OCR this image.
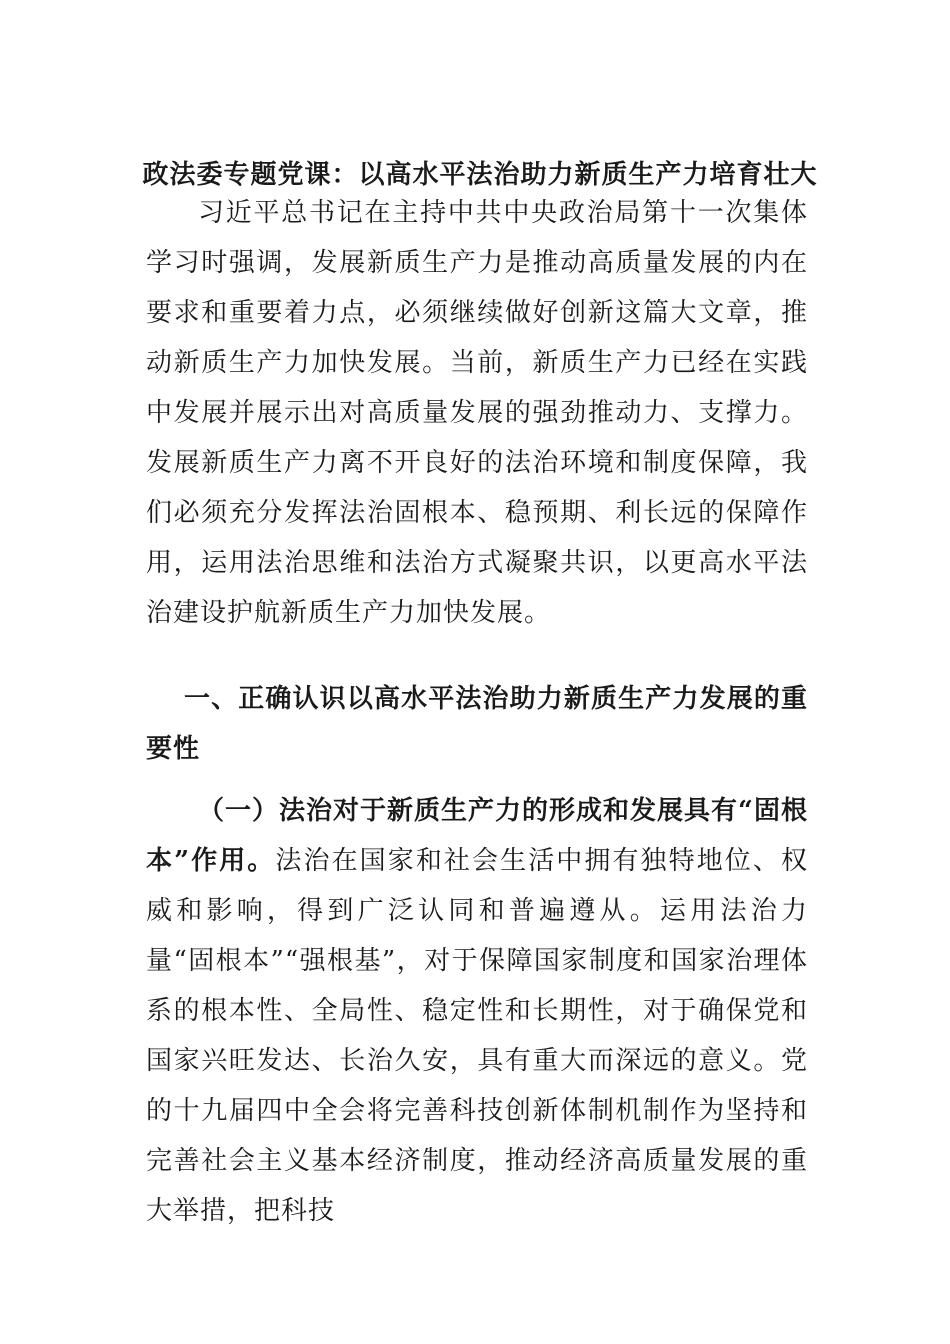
政法委专题党课：以高水平法治助力新质生产力培育壮大

习近平总书记在主持中共中央政治局第十一次集体学习时强调，发展新质生产力是推动高质量发展的内在要求和重要着力点，必须继续做好创新这篇大文章，推动新质生产力加快发展。当前，新质生产力已经在实践中发展并展示出对高质量发展的强劲推动力、支撑力。发展新质生产力离不开良好的法治环境和制度保障，我们必须充分发挥法治固根本、稳预期、利长远的保障作用，运用法治思维和法治方式凝聚共识，以更高水平法治建设护航新质生产力加快发展。

一、正确认识以高水平法治助力新质生产力发展的重要性

（一）法治对于新质生产力的形成和发展具有“固根本”作用。法治在国家和社会生活中拥有独特地位、权威和影响，得到广泛认同和普遍遵从。运用法治力量“固根本”“强根基”，对于保障国家制度和国家治理体系的根本性、全局性、稳定性和长期性，对于确保党和国家兴旺发达、长治久安，具有重大而深远的意义。党的十九届四中全会将完善科技创新体制机制作为坚持和完善社会主义基本经济制度，推动经济高质量发展的重大举措，把科技
